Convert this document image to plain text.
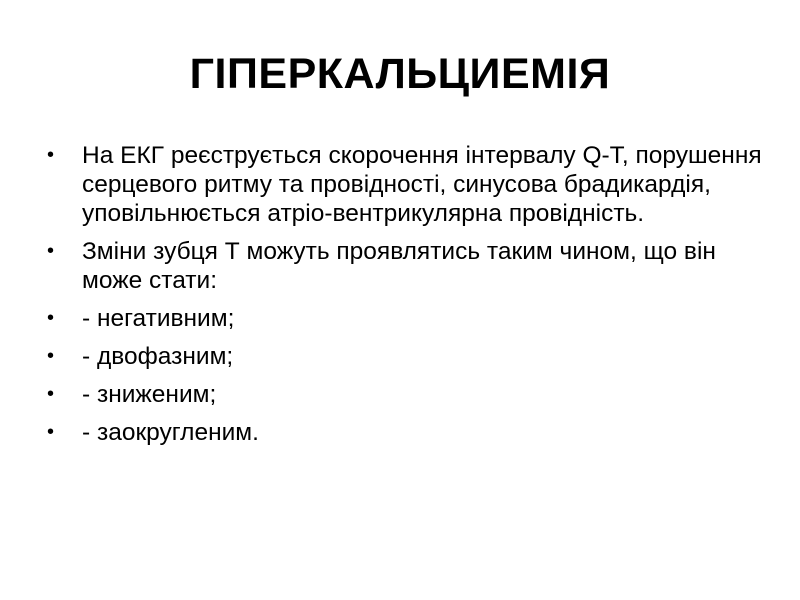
ГІПЕРКАЛЬЦИЕМІЯ
•	На ЕКГ реєструється скорочення інтервалу Q-T, порушення серцевого ритму та провідності, синусова брадикардія, уповільнюється атріо-вентрикулярна провідність.
•	Зміни зубця Т можуть проявлятись таким чином, що він може стати:
•	- негативним;
•	- двофазним;
•	- зниженим;
•	- заокругленим.
